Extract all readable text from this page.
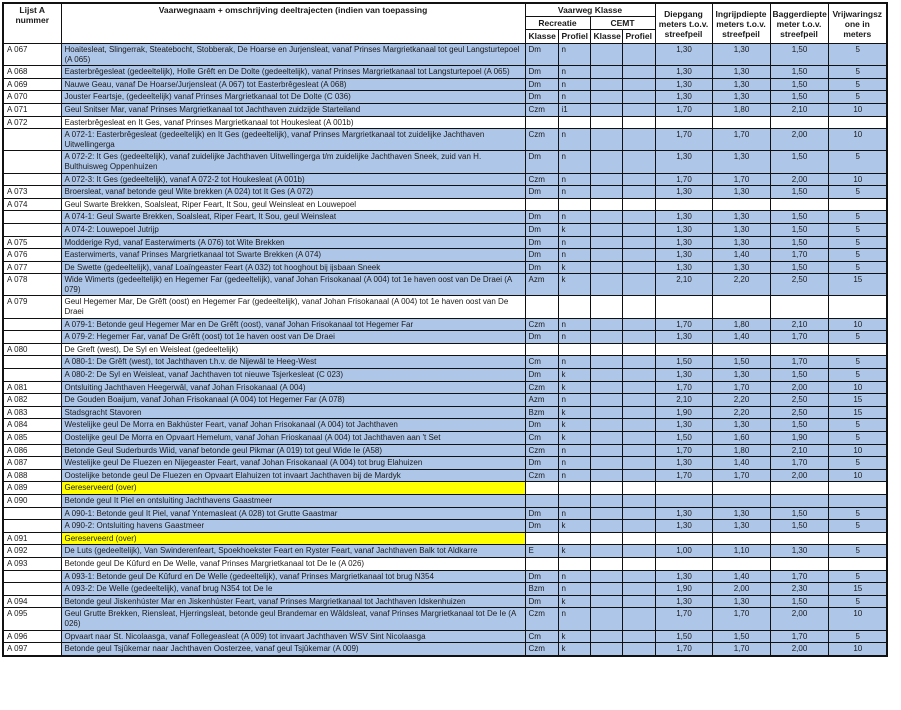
Lijst A nummer	Vaarwegnaam + omschrijving deeltrajecten (indien van toepassing	Vaarweg Klasse				Diepgang meters t.o.v. streefpeil	Ingrijpdiepte meters t.o.v. streefpeil	Baggerdiepte meter t.o.v. streefpeil	Vrijwaringszone in meters
		Recreatie		CEMT					
		Klasse	Profiel	Klasse	Profiel				
A 067	Hoaitesleat, Slingerrak, Steatebocht, Stobberak, De Hoarse en Jurjensleat, vanaf Prinses Margrietkanaal tot geul Langsturtepoel (A 065)	Dm	n			1,30	1,30	1,50	5
A 068	Easterbrêgesleat (gedeeltelijk), Holle Grêft en De Dolte (gedeeltelijk), vanaf Prinses Margrietkanaal tot Langsturtepoel (A 065)	Dm	n			1,30	1,30	1,50	5
A 069	Nauwe Geau, vanaf De Hoarse/Jurjensleat (A 067) tot Easterbrêgesleat (A 068)	Dm	n			1,30	1,30	1,50	5
A 070	Jouster Feartsje, (gedeeltelijk) vanaf Prinses Margrietkanaal tot De Dolte (C 036)	Dm	n			1,30	1,30	1,50	5
A 071	Geul Snitser Mar, vanaf Prinses Margrietkanaal tot Jachthaven zuidzijde Starteiland	Czm	i1			1,70	1,80	2,10	10
A 072	Easterbrêgesleat en It Ges, vanaf Prinses Margrietkanaal tot Houkesleat (A 001b)								
	A 072-1: Easterbrêgesleat (gedeeltelijk) en It Ges (gedeeltelijk), vanaf Prinses Margrietkanaal tot zuidelijke Jachthaven Uitwellingerga	Czm	n			1,70	1,70	2,00	10
	A 072-2: It Ges (gedeeltelijk), vanaf zuidelijke Jachthaven Uitwellingerga t/m zuidelijke Jachthaven Sneek, zuid van H. Bulthuisweg Oppenhuizen	Dm	n			1,30	1,30	1,50	5
	A 072-3: It Ges (gedeeltelijk), vanaf A 072-2 tot Houkesleat (A 001b)	Czm	n			1,70	1,70	2,00	10
A 073	Broersleat, vanaf betonde geul Wite brekken (A 024) tot It Ges (A 072)	Dm	n			1,30	1,30	1,50	5
A 074	Geul Swarte Brekken, Soalsleat, Riper Feart, It Sou, geul Weinsleat en Louwepoel								
	A 074-1: Geul Swarte Brekken, Soalsleat, Riper Feart, It Sou, geul Weinsleat	Dm	n			1,30	1,30	1,50	5
	A 074-2: Louwepoel Jutrijp	Dm	k			1,30	1,30	1,50	5
A 075	Modderige Ryd, vanaf Easterwimerts (A 076) tot Wite Brekken	Dm	n			1,30	1,30	1,50	5
A 076	Easterwimerts, vanaf Prinses Margrietkanaal tot Swarte Brekken (A 074)	Dm	n			1,30	1,40	1,70	5
A 077	De Swette (gedeeltelijk), vanaf Loaïngeaster Feart (A 032) tot hooghout bij ijsbaan Sneek	Dm	k			1,30	1,30	1,50	5
A 078	Wide Wimerts (gedeeltelijk) en Hegemer Far (gedeeltelijk), vanaf Johan Frisokanaal (A 004) tot 1e haven oost van De Draei (A 079)	Azm	k			2,10	2,20	2,50	15
A 079	Geul Hegemer Mar, De Grêft (oost) en Hegemer Far (gedeeltelijk), vanaf Johan Frisokanaal (A 004) tot 1e haven oost van De Draei								
	A 079-1: Betonde geul Hegemer Mar en De Grêft (oost), vanaf Johan Frisokanaal tot Hegemer Far	Czm	n			1,70	1,80	2,10	10
	A 079-2: Hegemer Far, vanaf De Grêft (oost) tot 1e haven oost van De Draei	Dm	n			1,30	1,40	1,70	5
A 080	De Greft (west), De Syl en Weisleat (gedeeltelijk)								
	A 080-1: De Grêft (west), tot Jachthaven t.h.v. de Nijewâl te Heeg-West	Cm	n			1,50	1,50	1,70	5
	A 080-2: De Syl en Weisleat, vanaf Jachthaven tot nieuwe Tsjerkesleat (C 023)	Dm	k			1,30	1,30	1,50	5
A 081	Ontsluiting Jachthaven Heegerwâl, vanaf Johan Frisokanaal (A 004)	Czm	k			1,70	1,70	2,00	10
A 082	De Gouden Boaijum, vanaf Johan Frisokanaal (A 004) tot Hegemer Far (A 078)	Azm	n			2,10	2,20	2,50	15
A 083	Stadsgracht Stavoren	Bzm	k			1,90	2,20	2,50	15
A 084	Westelijke geul De Morra en Bakhúster Feart, vanaf Johan Frisokanaal (A 004) tot Jachthaven	Dm	k			1,30	1,30	1,50	5
A 085	Oostelijke geul De Morra en Opvaart Hemelum, vanaf Johan Frioskanaal (A 004) tot Jachthaven aan 't Set	Cm	k			1,50	1,60	1,90	5
A 086	Betonde Geul Suderburds Wiid, vanaf betonde geul Pikmar (A 019) tot geul Wide Ie (A58)	Czm	n			1,70	1,80	2,10	10
A 087	Westelijke geul De Fluezen en Nijegeaster Feart, vanaf Johan Frisokanaal (A 004) tot brug Elahuizen	Dm	n			1,30	1,40	1,70	5
A 088	Oostelijke betonde geul De Fluezen en Opvaart Elahuizen tot invaart Jachthaven bij de Mardyk	Czm	n			1,70	1,70	2,00	10
A 089	Gereserveerd (over)								
A 090	Betonde geul It Piel en ontsluiting Jachthavens Gaastmeer								
	A 090-1: Betonde geul It Piel, vanaf Yntemasleat (A 028) tot Grutte Gaastmar	Dm	n			1,30	1,30	1,50	5
	A 090-2: Ontsluiting havens Gaastmeer	Dm	k			1,30	1,30	1,50	5
A 091	Gereserveerd (over)								
A 092	De Luts (gedeeltelijk), Van Swinderenfeart, Spoekhoekster Feart en Ryster Feart, vanaf Jachthaven Balk tot Aldkarre	E	k			1,00	1,10	1,30	5
A 093	Betonde geul De Kûfurd en De Welle, vanaf Prinses Margrietkanaal tot De Ie (A 026)								
	A 093-1: Betonde geul De Kûfurd en De Welle (gedeeltelijk), vanaf Prinses Margrietkanaal tot brug N354	Dm	n			1,30	1,40	1,70	5
	A 093-2: De Welle (gedeeltelijk), vanaf brug N354 tot De Ie	Bzm	n			1,90	2,00	2,30	15
A 094	Betonde geul Jiskenhúster Mar en Jiskenhúster Feart, vanaf Prinses Margrietkanaal tot Jachthaven Idskenhuizen	Dm	k			1,30	1,30	1,50	5
A 095	Geul Grutte Brekken, Riensleat, Hjerringsleat, betonde geul Brandemar en Wâldsleat, vanaf Prinses Margrietkanaal tot De Ie (A 026)	Czm	n			1,70	1,70	2,00	10
A 096	Opvaart naar St. Nicolaasga, vanaf Follegeasleat (A 009) tot invaart Jachthaven WSV Sint Nicolaasga	Cm	k			1,50	1,50	1,70	5
A 097	Betonde geul Tsjûkemar naar Jachthaven Oosterzee, vanaf geul Tsjûkemar (A 009)	Czm	k			1,70	1,70	2,00	10
